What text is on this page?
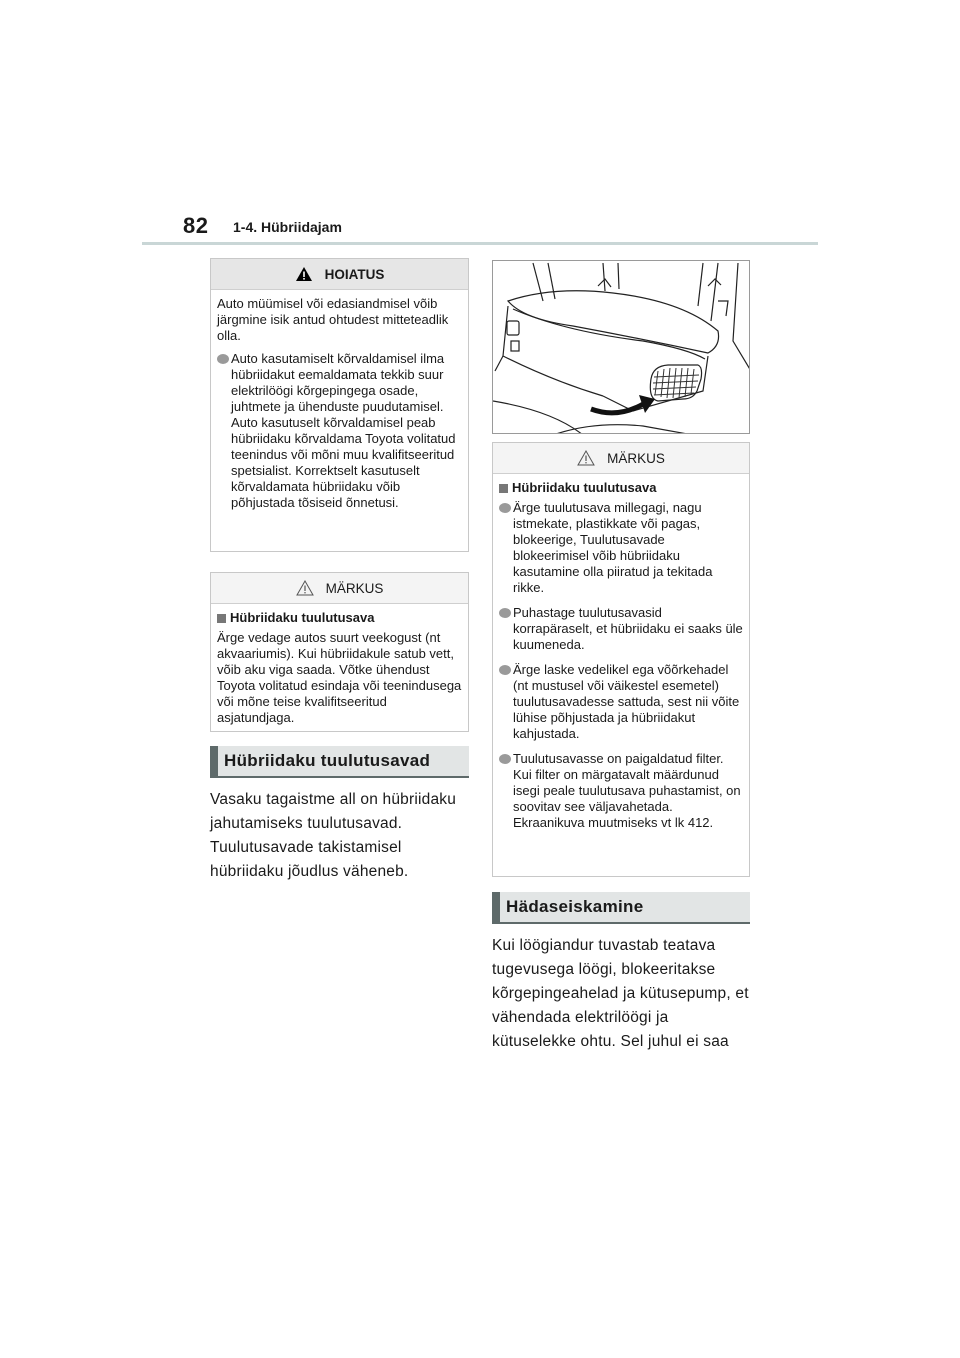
82 1-4. Hübriidajam
HOIATUS

Auto müümisel või edasiandmisel võib järgmine isik antud ohtudest mitteteadlik olla.

Auto kasutamiselt kõrvaldamisel ilma hübriidakut eemaldamata tekkib suur elektrilöögi kõrgepingega osade, juhtmete ja ühenduste puudutamisel. Auto kasutuselt kõrvaldamisel peab hübriidaku kõrvaldama Toyota volitatud teenindus või mõni muu kvalifitseeritud spetsialist. Korrektselt kasutuselt kõrvaldamata hübriidaku võib põhjustada tõsiseid õnnetusi.
MÄRKUS
Hübriidaku tuulutusava

Ärge vedage autos suurt veekogust (nt akvaariumis). Kui hübriidakule satub vett, võib aku viga saada. Võtke ühendust Toyota volitatud esindaja või teenindusega või mõne teise kvalifitseeritud asjatundjaga.

Hübriidaku tuulutusavad
Vasaku tagaistme all on hübriidaku jahutamiseks tuulutusavad. Tuulutusavade takistamisel hübriidaku jõudlus väheneb.
MÄRKUS
Hübriidaku tuulutusava
Ärge tuulutusava millegagi, nagu istmekate, plastikkate või pagas, blokeerige, Tuulutusavade blokeerimisel võib hübriidaku kasutamine olla piiratud ja tekitada rikke.
Puhastage tuulutusavasid korrapäraselt, et hübriidaku ei saaks üle kuumeneda.
Ärge laske vedelikel ega võõrkehadel (nt mustusel või väikestel esemetel) tuulutusavadesse sattuda, sest nii võite lühise põhjustada ja hübriidakut kahjustada.
Tuulutusavasse on paigaldatud filter. Kui filter on märgatavalt määrdunud isegi peale tuulutusava puhastamist, on soovitav see väljavahetada. Ekraanikuva muutmiseks vt lk 412.
Hädaseiskamine
Kui löögiandur tuvastab teatava tugevusega löögi, blokeeritakse kõrgepingeahelad ja kütusepump, et vähendada elektrilöögi ja kütuselekke ohtu. Sel juhul ei saa
